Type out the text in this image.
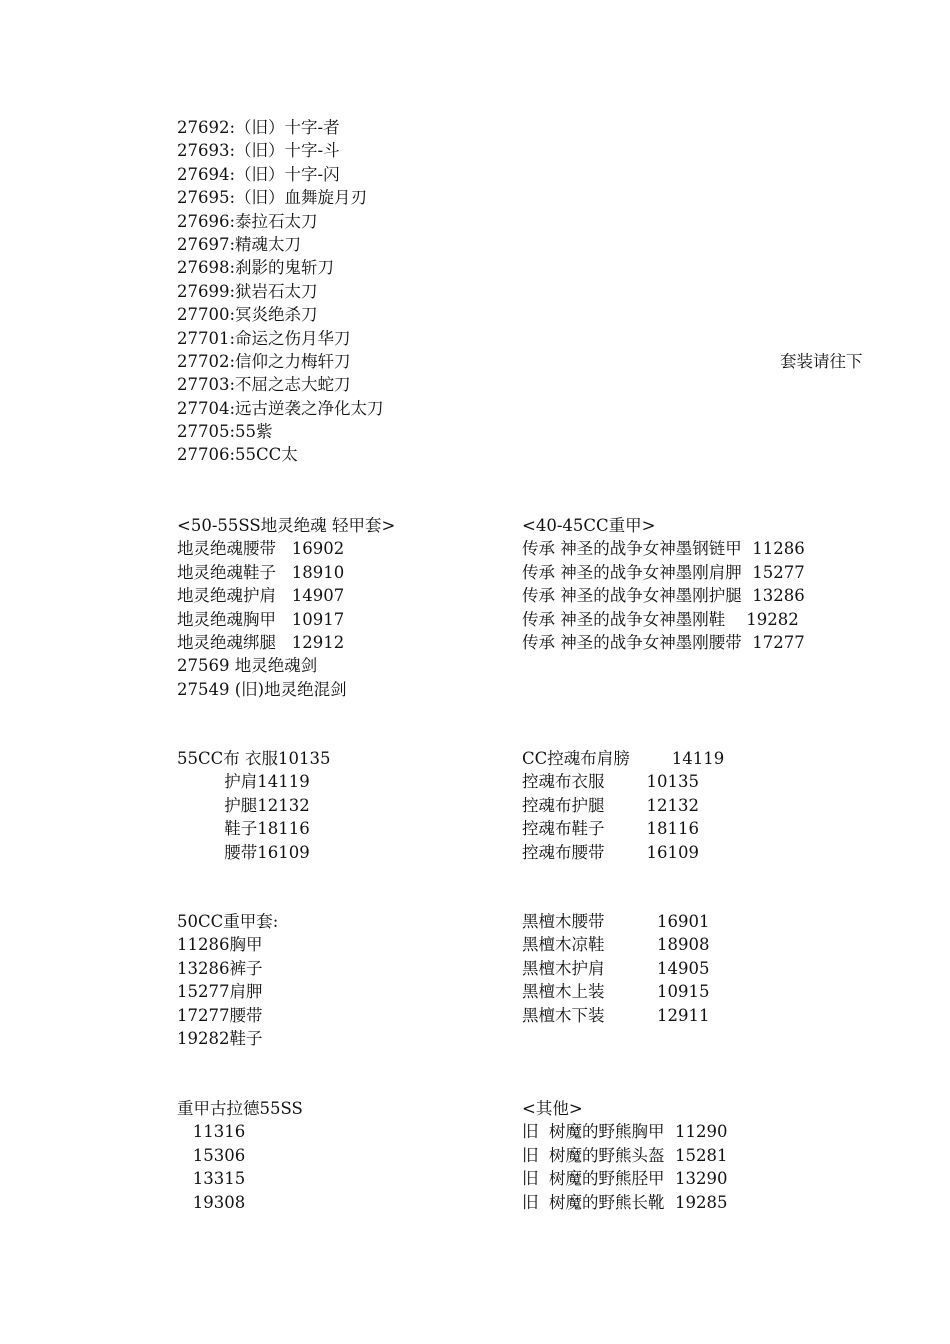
27692:（旧）十字-者
27693:（旧）十字-斗
27694:（旧）十字-闪
27695:（旧）血舞旋月刃
27696:泰拉石太刀
27697:精魂太刀
27698:刹影的鬼斩刀
27699:狱岩石太刀
27700:冥炎绝杀刀
27701:命运之伤月华刀
27702:信仰之力梅轩刀
27703:不屈之志大蛇刀
27704:远古逆袭之净化太刀
27705:55紫
27706:55CC太
套装请往下
<50-55SS地灵绝魂 轻甲套>
地灵绝魂腰带   16902
地灵绝魂鞋子   18910
地灵绝魂护肩   14907
地灵绝魂胸甲   10917
地灵绝魂绑腿   12912
27569 地灵绝魂剑
27549 (旧)地灵绝混剑
<40-45CC重甲>
传承 神圣的战争女神墨钢链甲  11286
传承 神圣的战争女神墨刚肩胛  15277
传承 神圣的战争女神墨刚护腿  13286
传承 神圣的战争女神墨刚鞋    19282
传承 神圣的战争女神墨刚腰带  17277
55CC布 衣服10135
护肩14119
护腿12132
鞋子18116
腰带16109
CC控魂布肩膀        14119
控魂布衣服        10135
控魂布护腿        12132
控魂布鞋子        18116
控魂布腰带        16109
50CC重甲套:
11286胸甲
13286裤子
15277肩胛
17277腰带
19282鞋子
黑檀木腰带          16901
黑檀木凉鞋          18908
黑檀木护肩          14905
黑檀木上装          10915
黑檀木下装          12911
重甲古拉德55SS
11316
15306
13315
19308
<其他>
旧  树魔的野熊胸甲  11290
旧  树魔的野熊头盔  15281
旧  树魔的野熊胫甲  13290
旧  树魔的野熊长靴  19285
